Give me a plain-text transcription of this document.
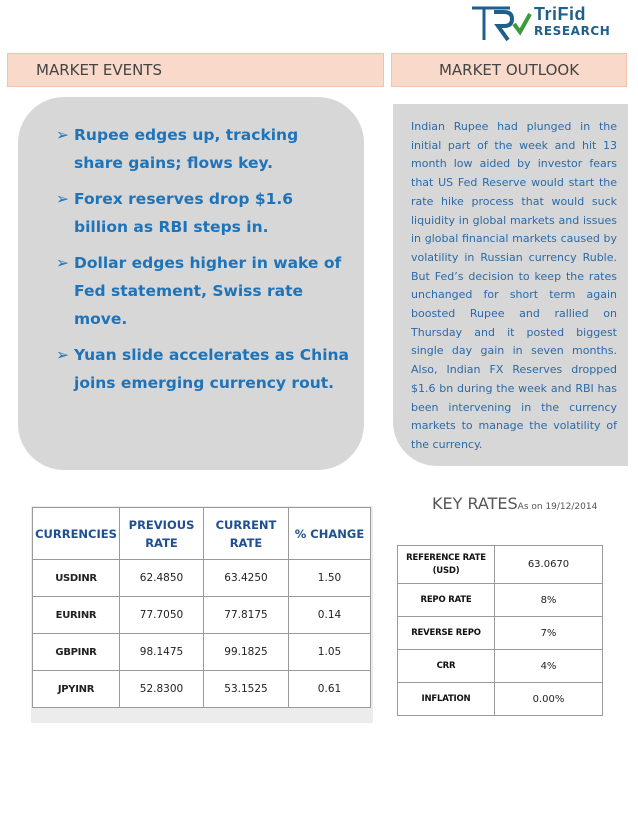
TriFid
RESEARCH
MARKET EVENTS	MARKET OUTLOOK
➢ Rupee edges up, tracking share gains; flows key.
➢ Forex reserves drop $1.6 billion as RBI steps in.
➢ Dollar edges higher in wake of Fed statement, Swiss rate move.
➢ Yuan slide accelerates as China joins emerging currency rout.

Indian Rupee had plunged in the initial part of the week and hit 13 month low aided by investor fears that US Fed Reserve would start the rate hike process that would suck liquidity in global markets and issues in global financial markets caused by volatility in Russian currency Ruble. But Fed’s decision to keep the rates unchanged for short term again boosted Rupee and rallied on Thursday and it posted biggest single day gain in seven months. Also, Indian FX Reserves dropped $1.6 bn during the week and RBI has been intervening in the currency markets to manage the volatility of the currency.

KEY RATESAs on 19/12/2014
CURRENCIES	PREVIOUS RATE	CURRENT RATE	% CHANGE
USDINR	62.4850	63.4250	1.50
EURINR	77.7050	77.8175	0.14
GBPINR	98.1475	99.1825	1.05
JPYINR	52.8300	53.1525	0.61
REFERENCE RATE (USD)	63.0670
REPO RATE	8%
REVERSE REPO	7%
CRR	4%
INFLATION	0.00%
